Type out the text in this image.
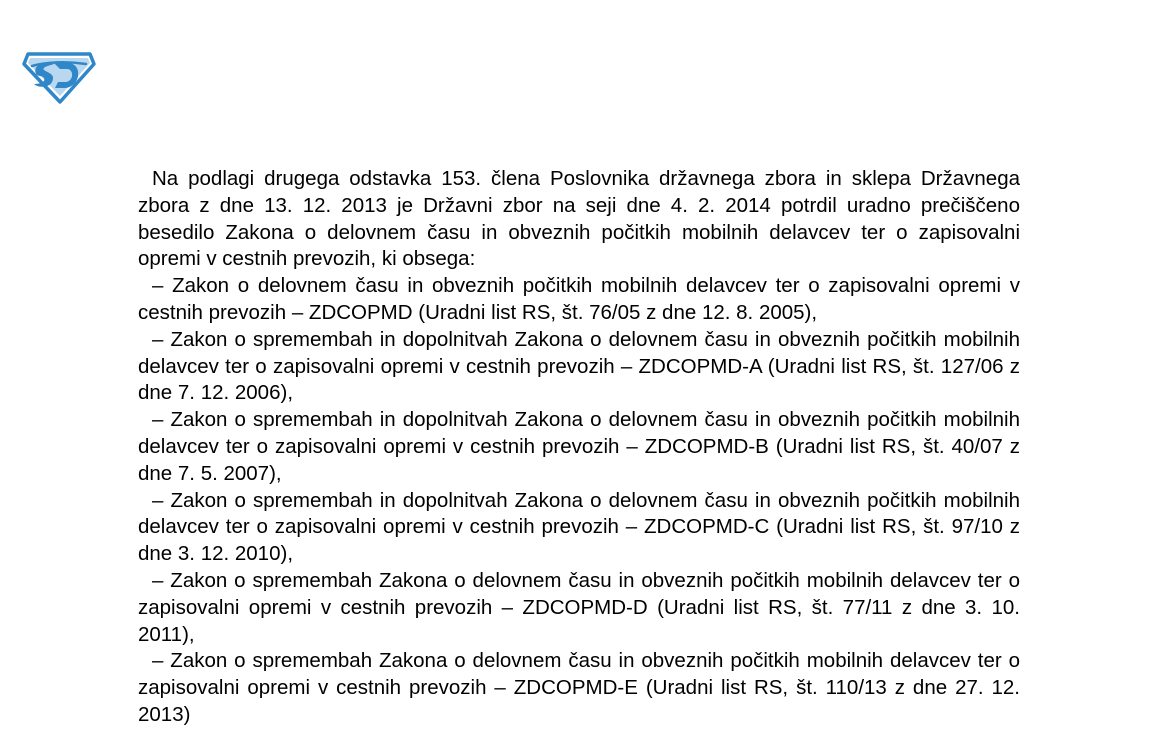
Na podlagi drugega odstavka 153. člena Poslovnika državnega zbora in sklepa Državnega zbora z dne 13. 12. 2013 je Državni zbor na seji dne 4. 2. 2014 potrdil uradno prečiščeno besedilo Zakona o delovnem času in obveznih počitkih mobilnih delavcev ter o zapisovalni opremi v cestnih prevozih, ki obsega:

– Zakon o delovnem času in obveznih počitkih mobilnih delavcev ter o zapisovalni opremi v cestnih prevozih – ZDCOPMD (Uradni list RS, št. 76/05 z dne 12. 8. 2005),

– Zakon o spremembah in dopolnitvah Zakona o delovnem času in obveznih počitkih mobilnih delavcev ter o zapisovalni opremi v cestnih prevozih – ZDCOPMD-A (Uradni list RS, št. 127/06 z dne 7. 12. 2006),

– Zakon o spremembah in dopolnitvah Zakona o delovnem času in obveznih počitkih mobilnih delavcev ter o zapisovalni opremi v cestnih prevozih – ZDCOPMD-B (Uradni list RS, št. 40/07 z dne 7. 5. 2007),

– Zakon o spremembah in dopolnitvah Zakona o delovnem času in obveznih počitkih mobilnih delavcev ter o zapisovalni opremi v cestnih prevozih – ZDCOPMD-C (Uradni list RS, št. 97/10 z dne 3. 12. 2010),

– Zakon o spremembah Zakona o delovnem času in obveznih počitkih mobilnih delavcev ter o zapisovalni opremi v cestnih prevozih – ZDCOPMD-D (Uradni list RS, št. 77/11 z dne 3. 10. 2011),

– Zakon o spremembah Zakona o delovnem času in obveznih počitkih mobilnih delavcev ter o zapisovalni opremi v cestnih prevozih – ZDCOPMD-E (Uradni list RS, št. 110/13 z dne 27. 12. 2013)
